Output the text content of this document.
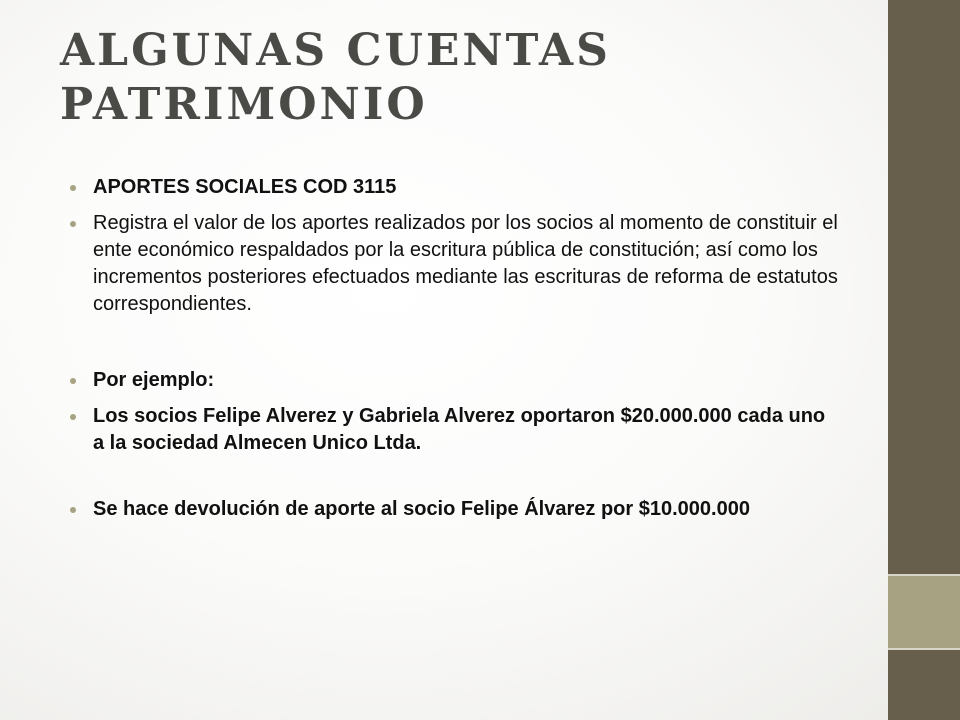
ALGUNAS CUENTAS
PATRIMONIO
APORTES SOCIALES COD 3115
Registra el valor de los aportes realizados por los socios al momento de constituir el ente económico respaldados por la escritura pública de constitución; así como los incrementos posteriores efectuados mediante las escrituras de reforma de estatutos correspondientes.
Por ejemplo:
Los socios Felipe Alverez y Gabriela Alverez oportaron $20.000.000 cada uno a la sociedad Almecen Unico Ltda.
Se hace devolución de aporte al socio Felipe Álvarez por $10.000.000
